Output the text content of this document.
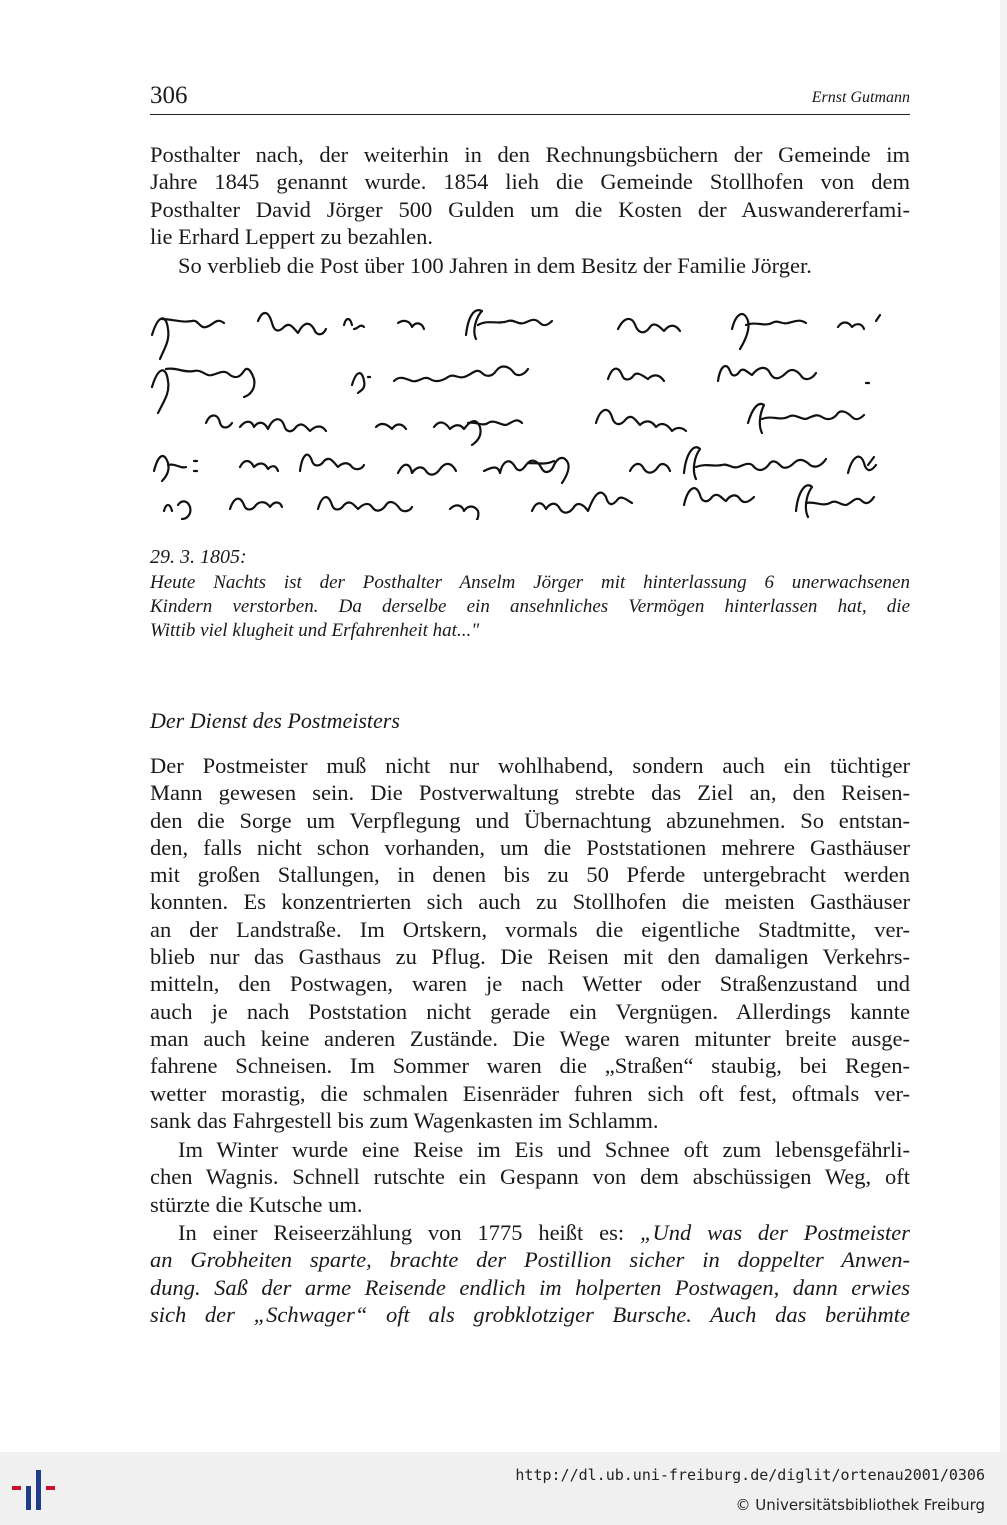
306	Ernst Gutmann
Posthalter nach, der weiterhin in den Rechnungsbüchern der Gemeinde im
Jahre 1845 genannt wurde. 1854 lieh die Gemeinde Stollhofen von dem
Posthalter David Jörger 500 Gulden um die Kosten der Auswandererfami-
lie Erhard Leppert zu bezahlen.
So verblieb die Post über 100 Jahren in dem Besitz der Familie Jörger.
29. 3. 1805:
Heute Nachts ist der Posthalter Anselm Jörger mit hinterlassung 6 unerwachsenen
Kindern verstorben. Da derselbe ein ansehnliches Vermögen hinterlassen hat, die
Wittib viel klugheit und Erfahrenheit hat..."
Der Dienst des Postmeisters
Der Postmeister muß nicht nur wohlhabend, sondern auch ein tüchtiger
Mann gewesen sein. Die Postverwaltung strebte das Ziel an, den Reisen-
den die Sorge um Verpflegung und Übernachtung abzunehmen. So entstan-
den, falls nicht schon vorhanden, um die Poststationen mehrere Gasthäuser
mit großen Stallungen, in denen bis zu 50 Pferde untergebracht werden
konnten. Es konzentrierten sich auch zu Stollhofen die meisten Gasthäuser
an der Landstraße. Im Ortskern, vormals die eigentliche Stadtmitte, ver-
blieb nur das Gasthaus zu Pflug. Die Reisen mit den damaligen Verkehrs-
mitteln, den Postwagen, waren je nach Wetter oder Straßenzustand und
auch je nach Poststation nicht gerade ein Vergnügen. Allerdings kannte
man auch keine anderen Zustände. Die Wege waren mitunter breite ausge-
fahrene Schneisen. Im Sommer waren die „Straßen“ staubig, bei Regen-
wetter morastig, die schmalen Eisenräder fuhren sich oft fest, oftmals ver-
sank das Fahrgestell bis zum Wagenkasten im Schlamm.
Im Winter wurde eine Reise im Eis und Schnee oft zum lebensgefährli-
chen Wagnis. Schnell rutschte ein Gespann von dem abschüssigen Weg, oft
stürzte die Kutsche um.
In einer Reiseerzählung von 1775 heißt es: „Und was der Postmeister
an Grobheiten sparte, brachte der Postillion sicher in doppelter Anwen-
dung. Saß der arme Reisende endlich im holperten Postwagen, dann erwies
sich der „Schwager“ oft als grobklotziger Bursche. Auch das berühmte
http://dl.ub.uni-freiburg.de/diglit/ortenau2001/0306
© Universitätsbibliothek Freiburg
